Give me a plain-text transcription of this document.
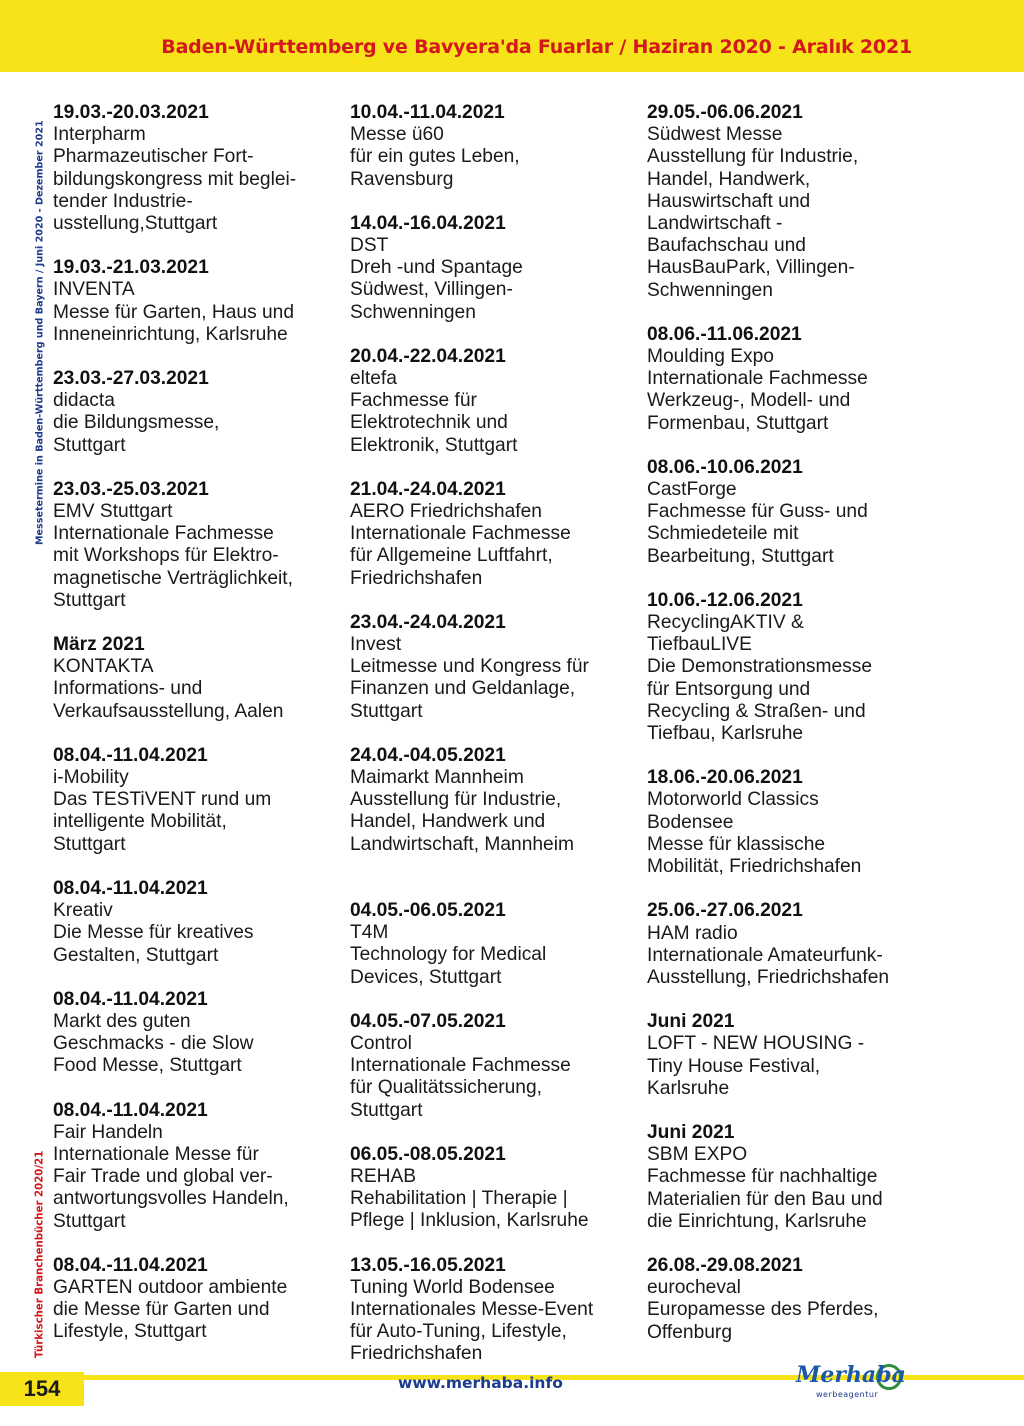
Baden-Württemberg ve Bavyera'da Fuarlar / Haziran 2020 - Aralık 2021
Messetermine in Baden-Württemberg und Bayern / Juni 2020 - Dezember 2021
Türkischer Branchenbücher 2020/21
19.03.-20.03.2021
Interpharm
Pharmazeutischer Fort-
bildungskongress mit beglei-
tender Industrie-
usstellung,Stuttgart
19.03.-21.03.2021
INVENTA
Messe für Garten, Haus und
Inneneinrichtung, Karlsruhe
23.03.-27.03.2021
didacta
die Bildungsmesse,
Stuttgart
23.03.-25.03.2021
EMV Stuttgart
Internationale Fachmesse
mit Workshops für Elektro-
magnetische Verträglichkeit,
Stuttgart
März 2021
KONTAKTA
Informations- und
Verkaufsausstellung, Aalen
08.04.-11.04.2021
i-Mobility
Das TESTiVENT rund um
intelligente Mobilität,
Stuttgart
08.04.-11.04.2021
Kreativ
Die Messe für kreatives
Gestalten, Stuttgart
08.04.-11.04.2021
Markt des guten
Geschmacks - die Slow
Food Messe, Stuttgart
08.04.-11.04.2021
Fair Handeln
Internationale Messe für
Fair Trade und global ver-
antwortungsvolles Handeln,
Stuttgart
08.04.-11.04.2021
GARTEN outdoor ambiente
die Messe für Garten und
Lifestyle, Stuttgart
10.04.-11.04.2021
Messe ü60
für ein gutes Leben,
Ravensburg
14.04.-16.04.2021
DST
Dreh -und Spantage
Südwest, Villingen-
Schwenningen
20.04.-22.04.2021
eltefa
Fachmesse für
Elektrotechnik und
Elektronik, Stuttgart
21.04.-24.04.2021
AERO Friedrichshafen
Internationale Fachmesse
für Allgemeine Luftfahrt,
Friedrichshafen
23.04.-24.04.2021
Invest
Leitmesse und Kongress für
Finanzen und Geldanlage,
Stuttgart
24.04.-04.05.2021
Maimarkt Mannheim
Ausstellung für Industrie,
Handel, Handwerk und
Landwirtschaft, Mannheim
04.05.-06.05.2021
T4M
Technology for Medical
Devices, Stuttgart
04.05.-07.05.2021
Control
Internationale Fachmesse
für Qualitätssicherung,
Stuttgart
06.05.-08.05.2021
REHAB
Rehabilitation | Therapie |
Pflege | Inklusion, Karlsruhe
13.05.-16.05.2021
Tuning World Bodensee
Internationales Messe-Event
für Auto-Tuning, Lifestyle,
Friedrichshafen
29.05.-06.06.2021
Südwest Messe
Ausstellung für Industrie,
Handel, Handwerk,
Hauswirtschaft und
Landwirtschaft -
Baufachschau und
HausBauPark, Villingen-
Schwenningen
08.06.-11.06.2021
Moulding Expo
Internationale Fachmesse
Werkzeug-, Modell- und
Formenbau, Stuttgart
08.06.-10.06.2021
CastForge
Fachmesse für Guss- und
Schmiedeteile mit
Bearbeitung, Stuttgart
10.06.-12.06.2021
RecyclingAKTIV &
TiefbauLIVE
Die Demonstrationsmesse
für Entsorgung und
Recycling & Straßen- und
Tiefbau, Karlsruhe
18.06.-20.06.2021
Motorworld Classics
Bodensee
Messe für klassische
Mobilität, Friedrichshafen
25.06.-27.06.2021
HAM radio
Internationale Amateurfunk-
Ausstellung, Friedrichshafen
Juni 2021
LOFT - NEW HOUSING -
Tiny House Festival,
Karlsruhe
Juni 2021
SBM EXPO
Fachmesse für nachhaltige
Materialien für den Bau und
die Einrichtung, Karlsruhe
26.08.-29.08.2021
eurocheval
Europamesse des Pferdes,
Offenburg
154	www.merhaba.info	Merhaba
werbeagentur
